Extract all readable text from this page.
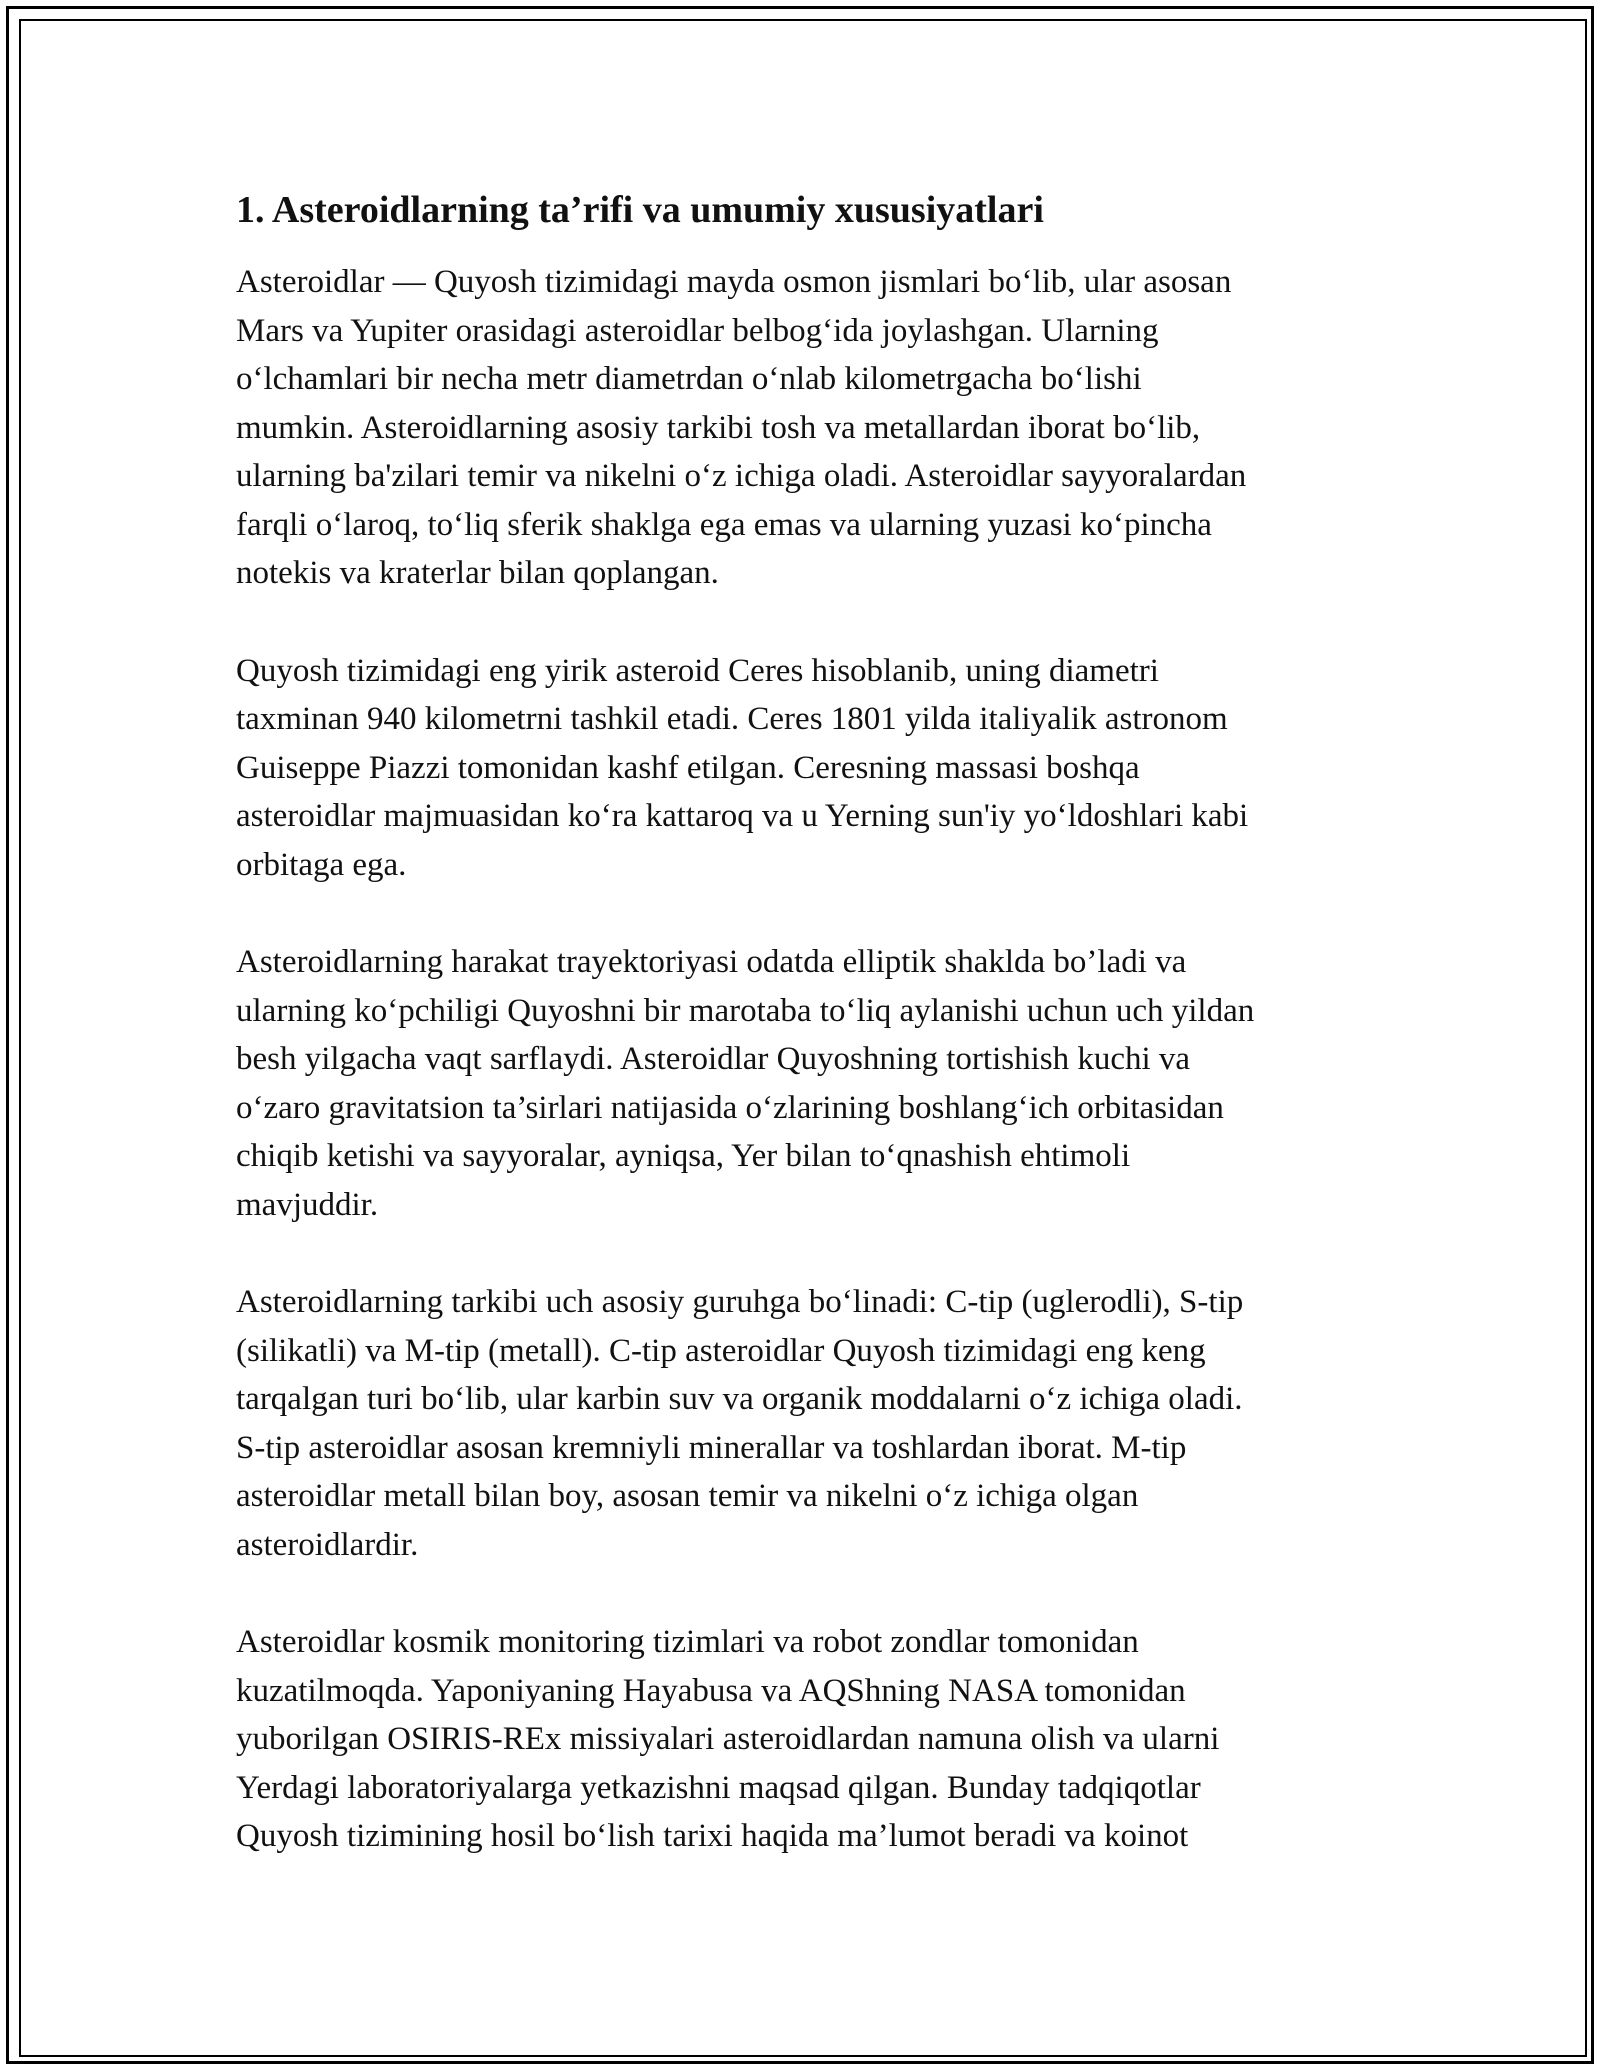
1. Asteroidlarning ta’rifi va umumiy xususiyatlari

Asteroidlar — Quyosh tizimidagi mayda osmon jismlari bo‘lib, ular asosan
Mars va Yupiter orasidagi asteroidlar belbog‘ida joylashgan. Ularning
o‘lchamlari bir necha metr diametrdan o‘nlab kilometrgacha bo‘lishi
mumkin. Asteroidlarning asosiy tarkibi tosh va metallardan iborat bo‘lib,
ularning ba'zilari temir va nikelni o‘z ichiga oladi. Asteroidlar sayyoralardan
farqli o‘laroq, to‘liq sferik shaklga ega emas va ularning yuzasi ko‘pincha
notekis va kraterlar bilan qoplangan.

Quyosh tizimidagi eng yirik asteroid Ceres hisoblanib, uning diametri
taxminan 940 kilometrni tashkil etadi. Ceres 1801 yilda italiyalik astronom
Guiseppe Piazzi tomonidan kashf etilgan. Ceresning massasi boshqa
asteroidlar majmuasidan ko‘ra kattaroq va u Yerning sun'iy yo‘ldoshlari kabi
orbitaga ega.

Asteroidlarning harakat trayektoriyasi odatda elliptik shaklda bo’ladi va
ularning ko‘pchiligi Quyoshni bir marotaba to‘liq aylanishi uchun uch yildan
besh yilgacha vaqt sarflaydi. Asteroidlar Quyoshning tortishish kuchi va
o‘zaro gravitatsion ta’sirlari natijasida o‘zlarining boshlang‘ich orbitasidan
chiqib ketishi va sayyoralar, ayniqsa, Yer bilan to‘qnashish ehtimoli
mavjuddir.

Asteroidlarning tarkibi uch asosiy guruhga bo‘linadi: C-tip (uglerodli), S-tip
(silikatli) va M-tip (metall). C-tip asteroidlar Quyosh tizimidagi eng keng
tarqalgan turi bo‘lib, ular karbin suv va organik moddalarni o‘z ichiga oladi.
S-tip asteroidlar asosan kremniyli minerallar va toshlardan iborat. M-tip
asteroidlar metall bilan boy, asosan temir va nikelni o‘z ichiga olgan
asteroidlardir.

Asteroidlar kosmik monitoring tizimlari va robot zondlar tomonidan
kuzatilmoqda. Yaponiyaning Hayabusa va AQShning NASA tomonidan
yuborilgan OSIRIS-REx missiyalari asteroidlardan namuna olish va ularni
Yerdagi laboratoriyalarga yetkazishni maqsad qilgan. Bunday tadqiqotlar
Quyosh tizimining hosil bo‘lish tarixi haqida ma’lumot beradi va koinot
